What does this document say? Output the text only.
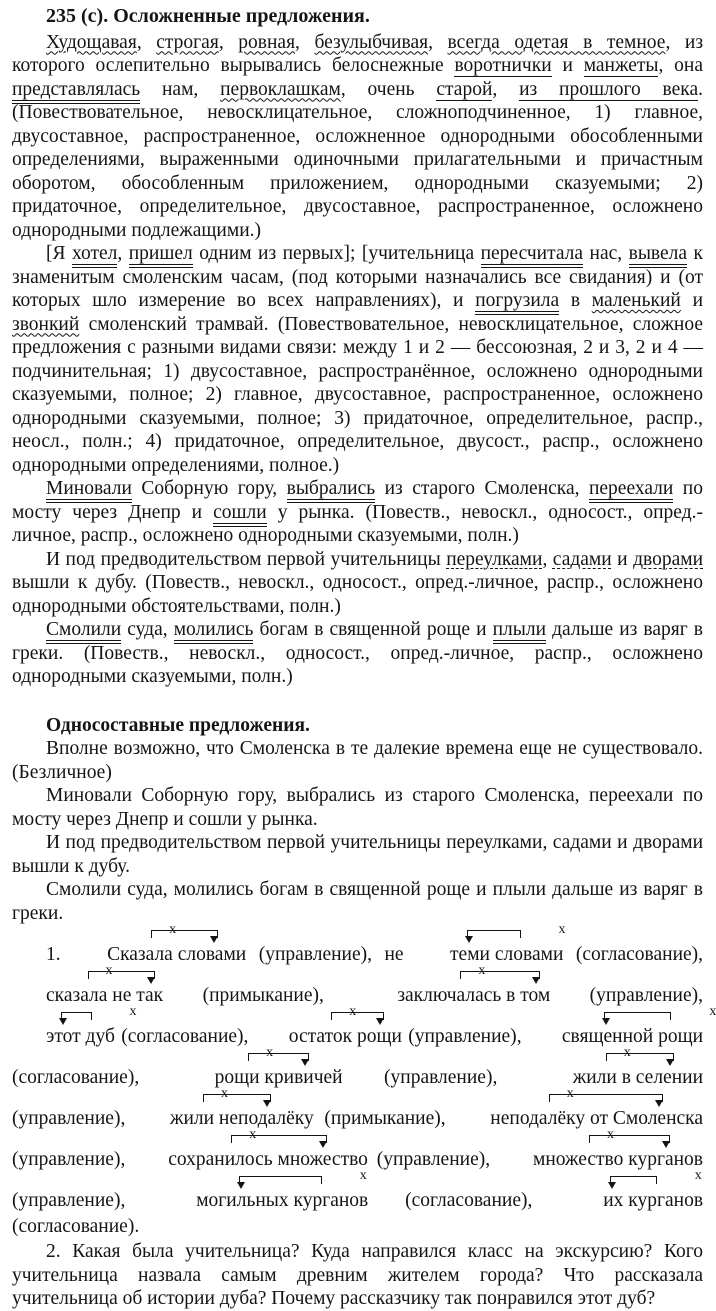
235 (с). Осложненные предложения.

Худощавая, строгая, ровная, безулыбчивая, всегда одетая в темное, из которого ослепительно вырывались белоснежные воротнички и манжеты, она представлялась нам, первоклашкам, очень старой, из прошлого века. (Повествовательное, невосклицательное, сложноподчиненное, 1) главное, двусоставное, распространенное, осложненное однородными обособленными определениями, выраженными одиночными прилагательными и причастным оборотом, обособленным приложением, однородными сказуемыми; 2) придаточное, определительное, двусоставное, распространенное, осложнено однородными подлежащими.)

[Я хотел, пришел одним из первых]; [учительница пересчитала нас, вывела к знаменитым смоленским часам, (под которыми назначались все свидания) и (от которых шло измерение во всех направлениях), и погрузила в маленький и звонкий смоленский трамвай. (Повествовательное, невосклицательное, сложное предложения с разными видами связи: между 1 и 2 — бессоюзная, 2 и 3, 2 и 4 — подчинительная; 1) двусоставное, распространённое, осложнено однородными сказуемыми, полное; 2) главное, двусоставное, распространенное, осложнено однородными сказуемыми, полное; 3) придаточное, определительное, распр., неосл., полн.; 4) придаточное, определительное, двусост., распр., осложнено однородными определениями, полное.)

Миновали Соборную гору, выбрались из старого Смоленска, переехали по мосту через Днепр и сошли у рынка. (Повеств., невоскл., односост., опред.-личное, распр., осложнено однородными сказуемыми, полн.)

И под предводительством первой учительницы переулками, садами и дворами вышли к дубу. (Повеств., невоскл., односост., опред.-личное, распр., осложнено однородными обстоятельствами, полн.)

Смолили суда, молились богам в священной роще и плыли дальше из варяг в греки. (Повеств., невоскл., односост., опред.-личное, распр., осложнено однородными сказуемыми, полн.)

Односоставные предложения.

Вполне возможно, что Смоленска в те далекие времена еще не существовало. (Безличное)

Миновали Соборную гору, выбрались из старого Смоленска, переехали по мосту через Днепр и сошли у рынка.

И под предводительством первой учительницы переулками, садами и дворами вышли к дубу.

Смолили суда, молились богам в священной роще и плыли дальше из варяг в греки.

1.
х
Сказала словами (управление), не
х
теми словами (согласование),
х
сказала не так (примыкание),
х
заключалась в том (управление),
х
этот дуб (согласование),
х
остаток рощи (управление),
х
священной рощи (согласование),
х
рощи кривичей (управление),
х
жили в селении (управление),
х
жили неподалёку (примыкание),
х
неподалёку от Смоленска (управление),
х
сохранилось множество (управление),
х
множество курганов (управление),
х
могильных курганов (согласование),
х
их курганов (согласование).

2. Какая была учительница? Куда направился класс на экскурсию? Кого учительница назвала самым древним жителем города? Что рассказала учительница об истории дуба? Почему рассказчику так понравился этот дуб?
